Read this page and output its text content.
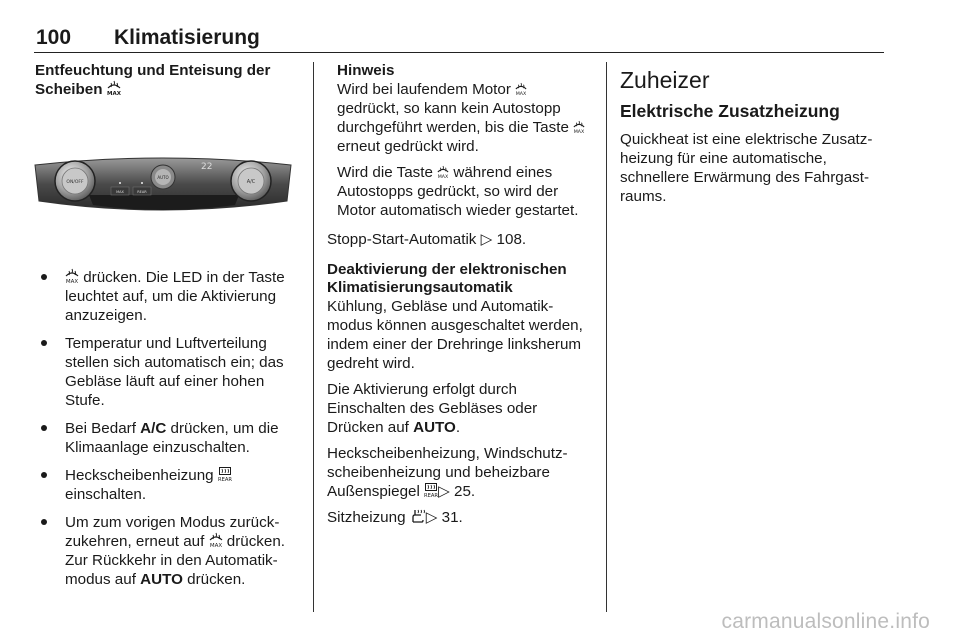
100 Klimatisierung
Entfeuchtung und Enteisung der Scheiben MAX
ON/OFF	A/C
AUTO
22
MAX	REAR
MAX drücken. Die LED in der Taste leuchtet auf, um die Aktivierung anzuzeigen.
Temperatur und Luftverteilung stellen sich automatisch ein; das Gebläse läuft auf einer hohen Stufe.
Bei Bedarf A/C drücken, um die Klimaanlage einzuschalten.
Heckscheibenheizung REAR
einschalten.
Um zum vorigen Modus zurück-zukehren, erneut auf MAX drücken. Zur Rückkehr in den Automatik-modus auf AUTO drücken.
Hinweis

Wird bei laufendem Motor MAX
gedrückt, so kann kein Autostopp durchgeführt werden, bis die Taste MAX
erneut gedrückt wird.

Wird die Taste MAX während eines Autostopps gedrückt, so wird der Motor automatisch wieder gestartet.

Stopp-Start-Automatik ▷ 108.

Deaktivierung der elektronischen Klimatisierungsautomatik

Kühlung, Gebläse und Automatik-modus können ausgeschaltet werden, indem einer der Drehringe linksherum gedreht wird.

Die Aktivierung erfolgt durch Einschalten des Gebläses oder Drücken auf AUTO.

Heckscheibenheizung, Windschutz-scheibenheizung und beheizbare Außenspiegel REAR ▷ 25.

Sitzheizung
▷ 31.

Zuheizer
Elektrische Zusatzheizung

Quickheat ist eine elektrische Zusatz-heizung für eine automatische, schnellere Erwärmung des Fahrgast-raums.

carmanualsonline.info
